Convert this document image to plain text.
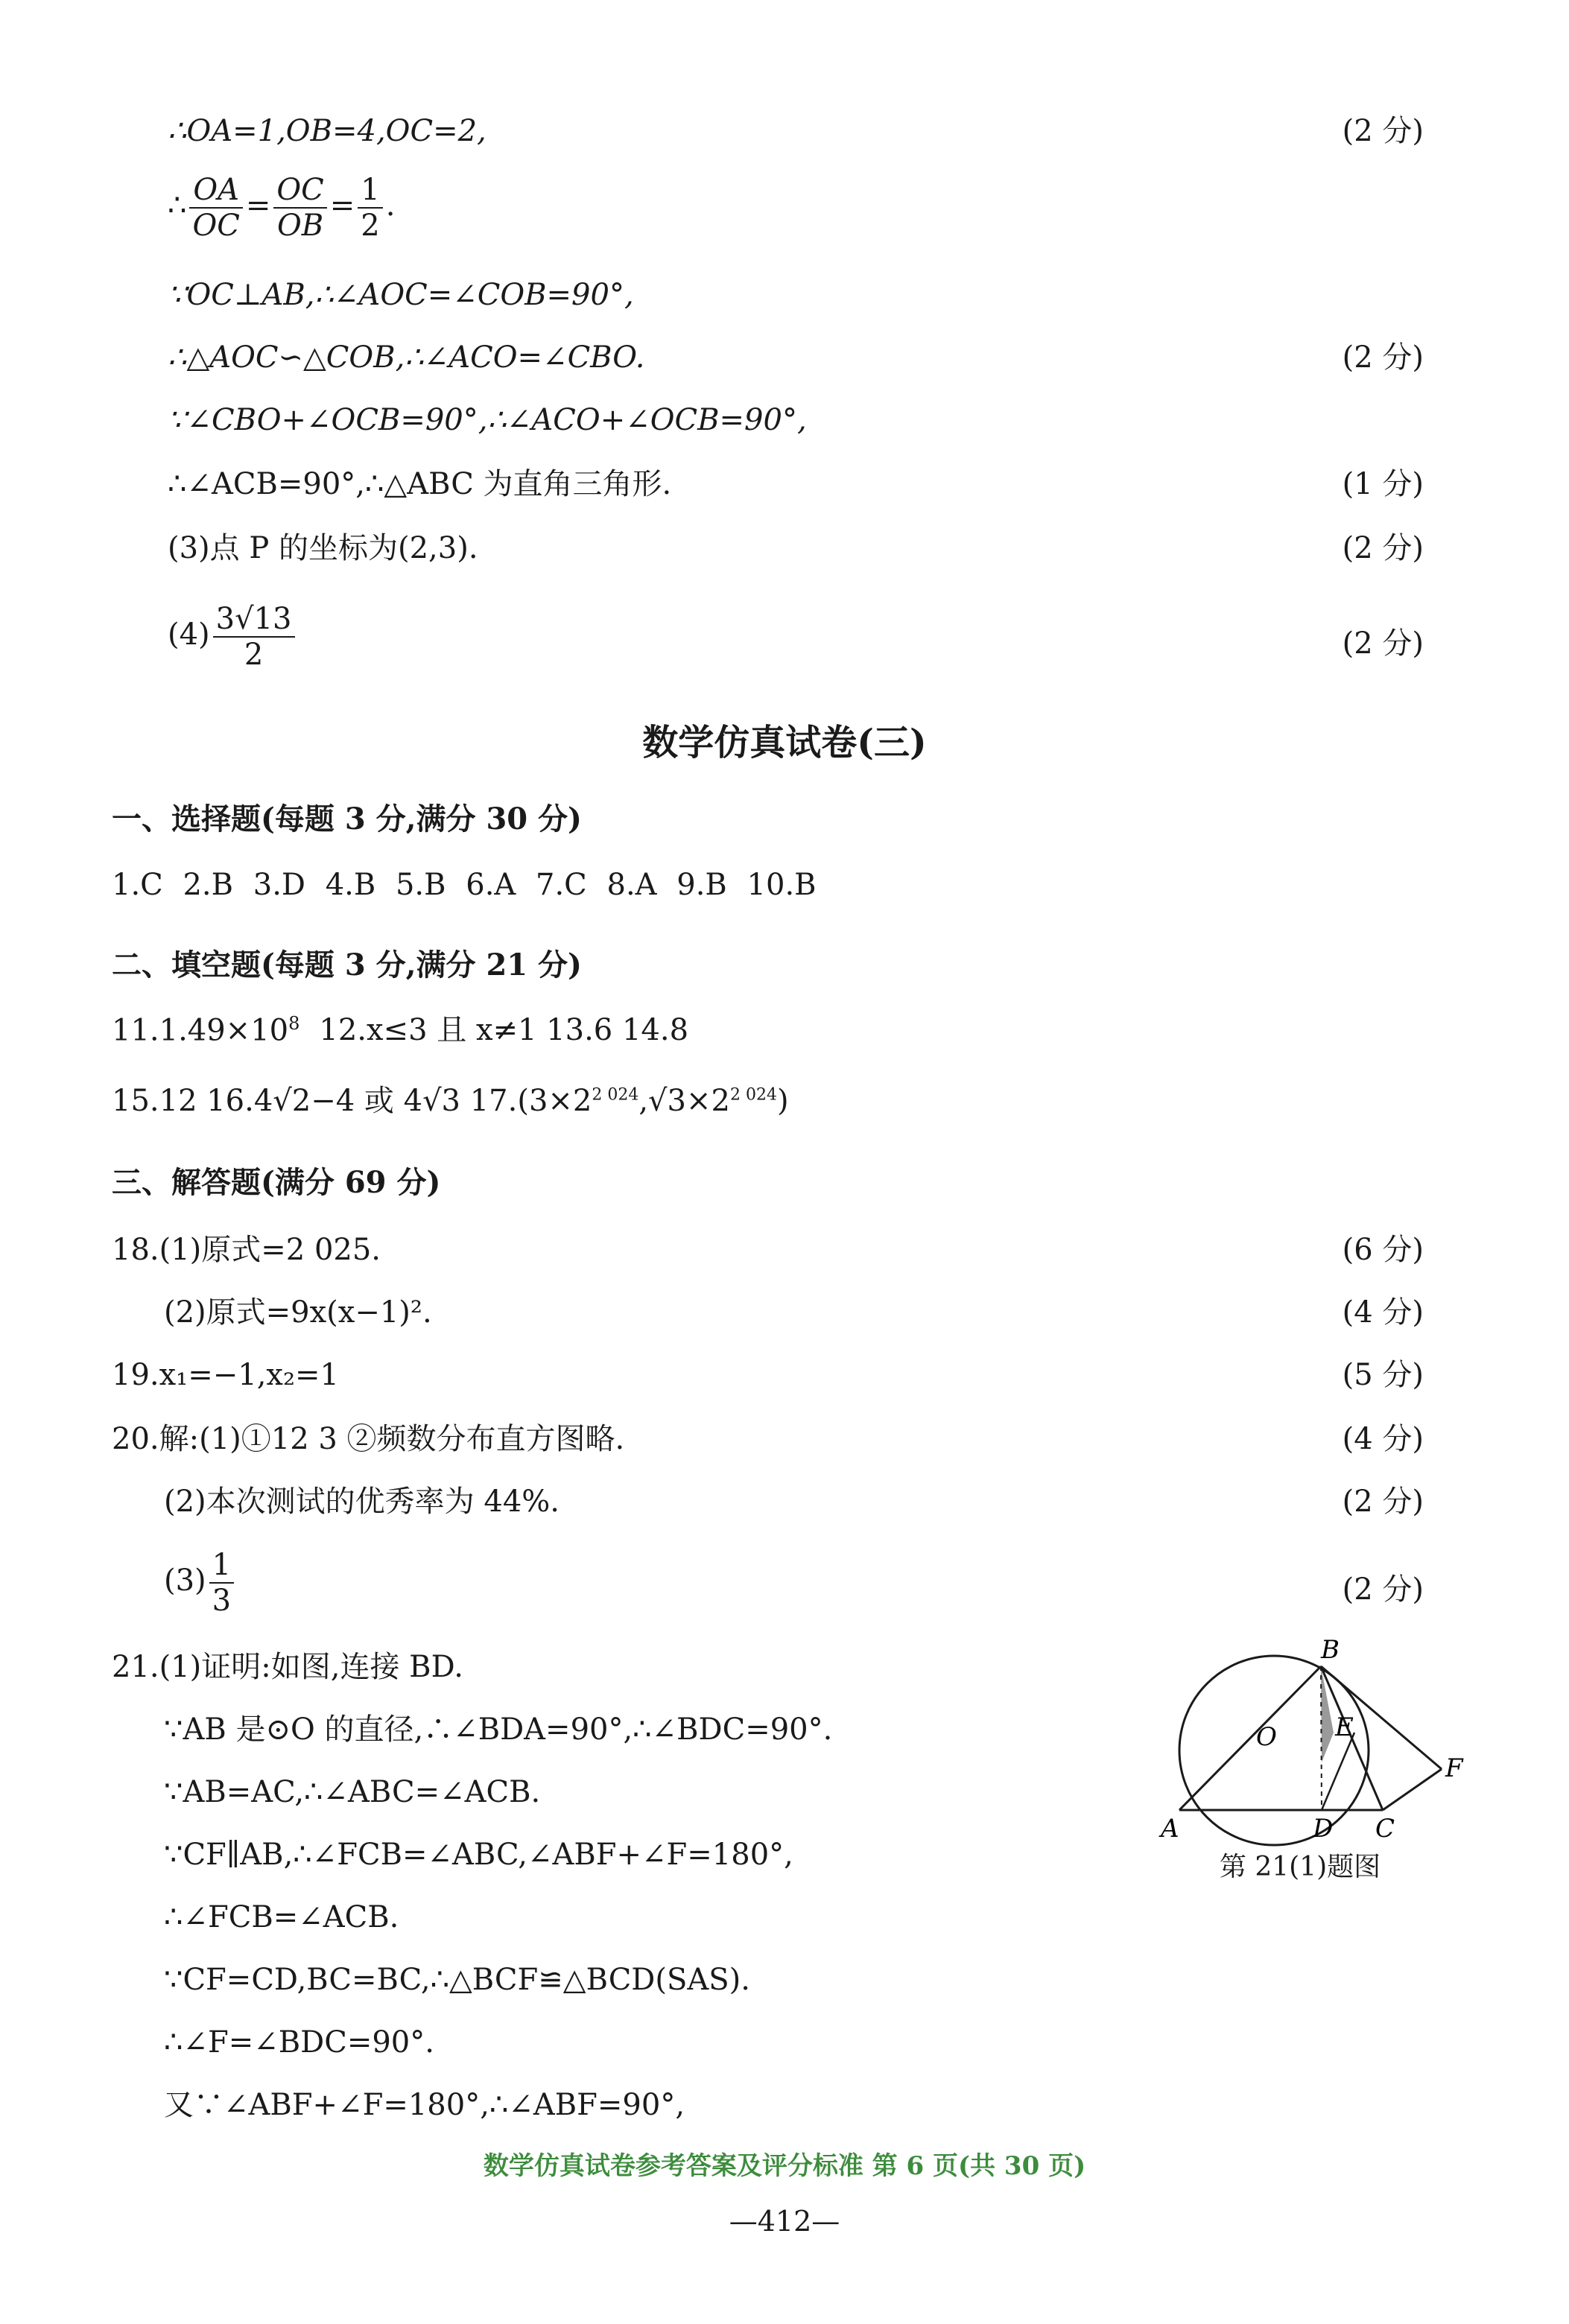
∴OA=1,OB=4,OC=2,	(2 分)
∴ $\frac{OA}{OC} = \frac{OC}{OB} = \frac{1}{2}$ .
∵OC⊥AB,∴∠AOC=∠COB=90°,
∴△AOC∽△COB,∴∠ACO=∠CBO.	(2 分)
∵∠CBO+∠OCB=90°,∴∠ACO+∠OCB=90°,
∴∠ACB=90°,∴△ABC 为直角三角形.	(1 分)
(3)点 P 的坐标为(2,3).	(2 分)
$(4) \frac{3√13}{2}$	(2 分)
数学仿真试卷(三)
一、选择题(每题 3 分,满分 30 分)
1.C 2.B 3.D 4.B 5.B 6.A 7.C 8.A 9.B 10.B
二、填空题(每题 3 分,满分 21 分)
$11.1.49\times 10^8$ 12.x≤3 且 x≠1 13.6 14.8
15.12 16.4√2−4 或 4√3 $17.(3\times 2^{2 024},√3\times 2^{2 024})$
三、解答题(满分 69 分)
18.(1)原式=2 025.	(6 分)
(2)原式=9x(x−1)².	(4 分)
19.x₁=−1,x₂=1	(5 分)
20.解:(1)①12 3 ②频数分布直方图略.	(4 分)
(2)本次测试的优秀率为 44%.	(2 分)
$(3) \frac{1}{3}$	(2 分)
21.(1)证明:如图,连接 BD.
∵AB 是⊙O 的直径,∴∠BDA=90°,∴∠BDC=90°.
∵AB=AC,∴∠ABC=∠ACB.
∵CF∥AB,∴∠FCB=∠ABC,∠ABF+∠F=180°,
∴∠FCB=∠ACB.
∵CF=CD,BC=BC,∴△BCF≌△BCD(SAS).
∴∠F=∠BDC=90°.
又∵∠ABF+∠F=180°,∴∠ABF=90°,
B
O E
F
A	D C
第 21(1)题图
数学仿真试卷参考答案及评分标准 第 6 页(共 30 页)
—412—
